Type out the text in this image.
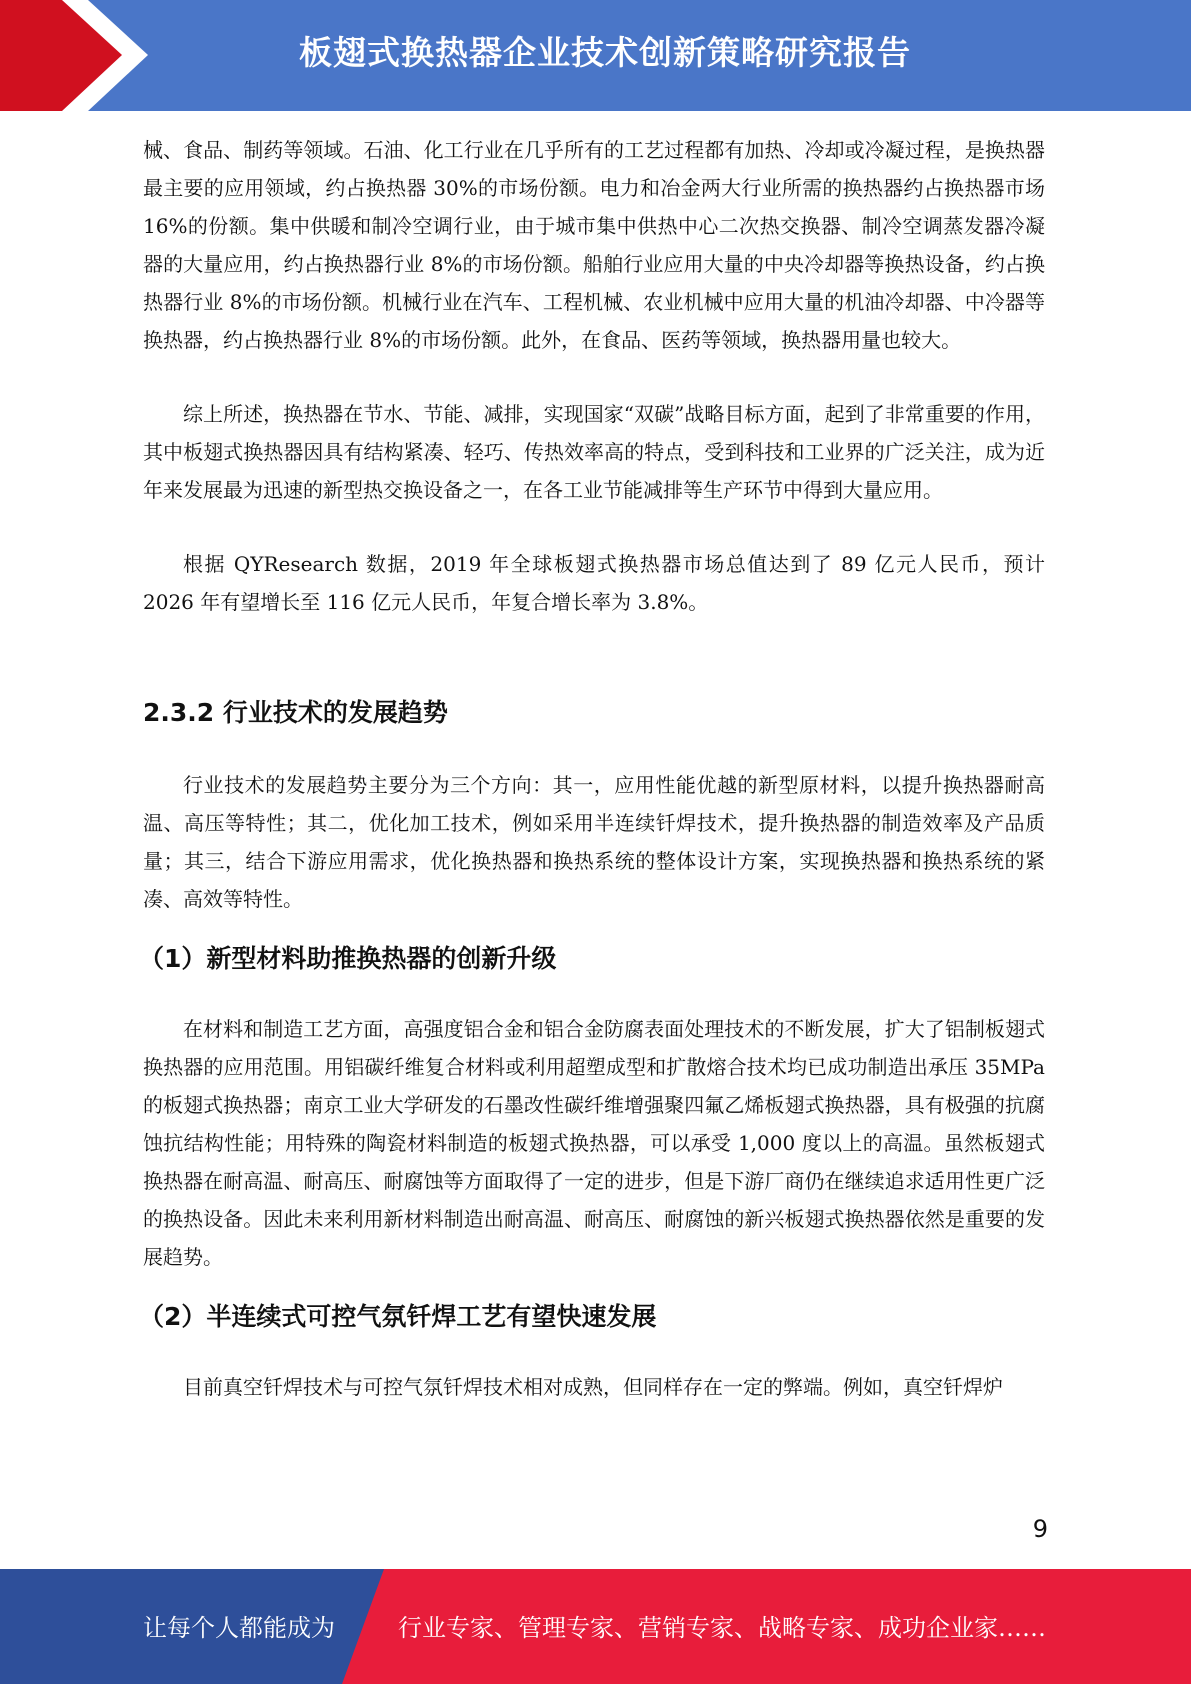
板翅式换热器企业技术创新策略研究报告

械、食品、制药等领域。石油、化工行业在几乎所有的工艺过程都有加热、冷却或冷凝过程，是换热器最主要的应用领域，约占换热器 30%的市场份额。电力和冶金两大行业所需的换热器约占换热器市场 16%的份额。集中供暖和制冷空调行业，由于城市集中供热中心二次热交换器、制冷空调蒸发器冷凝器的大量应用，约占换热器行业 8%的市场份额。船舶行业应用大量的中央冷却器等换热设备，约占换热器行业 8%的市场份额。机械行业在汽车、工程机械、农业机械中应用大量的机油冷却器、中冷器等换热器，约占换热器行业 8%的市场份额。此外，在食品、医药等领域，换热器用量也较大。

综上所述，换热器在节水、节能、减排，实现国家“双碳”战略目标方面，起到了非常重要的作用，其中板翅式换热器因具有结构紧凑、轻巧、传热效率高的特点，受到科技和工业界的广泛关注，成为近年来发展最为迅速的新型热交换设备之一，在各工业节能减排等生产环节中得到大量应用。

根据 QYResearch 数据，2019 年全球板翅式换热器市场总值达到了 89 亿元人民币，预计 2026 年有望增长至 116 亿元人民币，年复合增长率为 3.8%。

2.3.2 行业技术的发展趋势

行业技术的发展趋势主要分为三个方向：其一，应用性能优越的新型原材料，以提升换热器耐高温、高压等特性；其二，优化加工技术，例如采用半连续钎焊技术，提升换热器的制造效率及产品质量；其三，结合下游应用需求，优化换热器和换热系统的整体设计方案，实现换热器和换热系统的紧凑、高效等特性。

（1）新型材料助推换热器的创新升级

在材料和制造工艺方面，高强度铝合金和铝合金防腐表面处理技术的不断发展，扩大了铝制板翅式换热器的应用范围。用铝碳纤维复合材料或利用超塑成型和扩散熔合技术均已成功制造出承压 35MPa 的板翅式换热器；南京工业大学研发的石墨改性碳纤维增强聚四氟乙烯板翅式换热器，具有极强的抗腐蚀抗结构性能；用特殊的陶瓷材料制造的板翅式换热器，可以承受 1,000 度以上的高温。虽然板翅式换热器在耐高温、耐高压、耐腐蚀等方面取得了一定的进步，但是下游厂商仍在继续追求适用性更广泛的换热设备。因此未来利用新材料制造出耐高温、耐高压、耐腐蚀的新兴板翅式换热器依然是重要的发展趋势。

（2）半连续式可控气氛钎焊工艺有望快速发展

目前真空钎焊技术与可控气氛钎焊技术相对成熟，但同样存在一定的弊端。例如，真空钎焊炉

9
让每个人都能成为	行业专家、管理专家、营销专家、战略专家、成功企业家……
